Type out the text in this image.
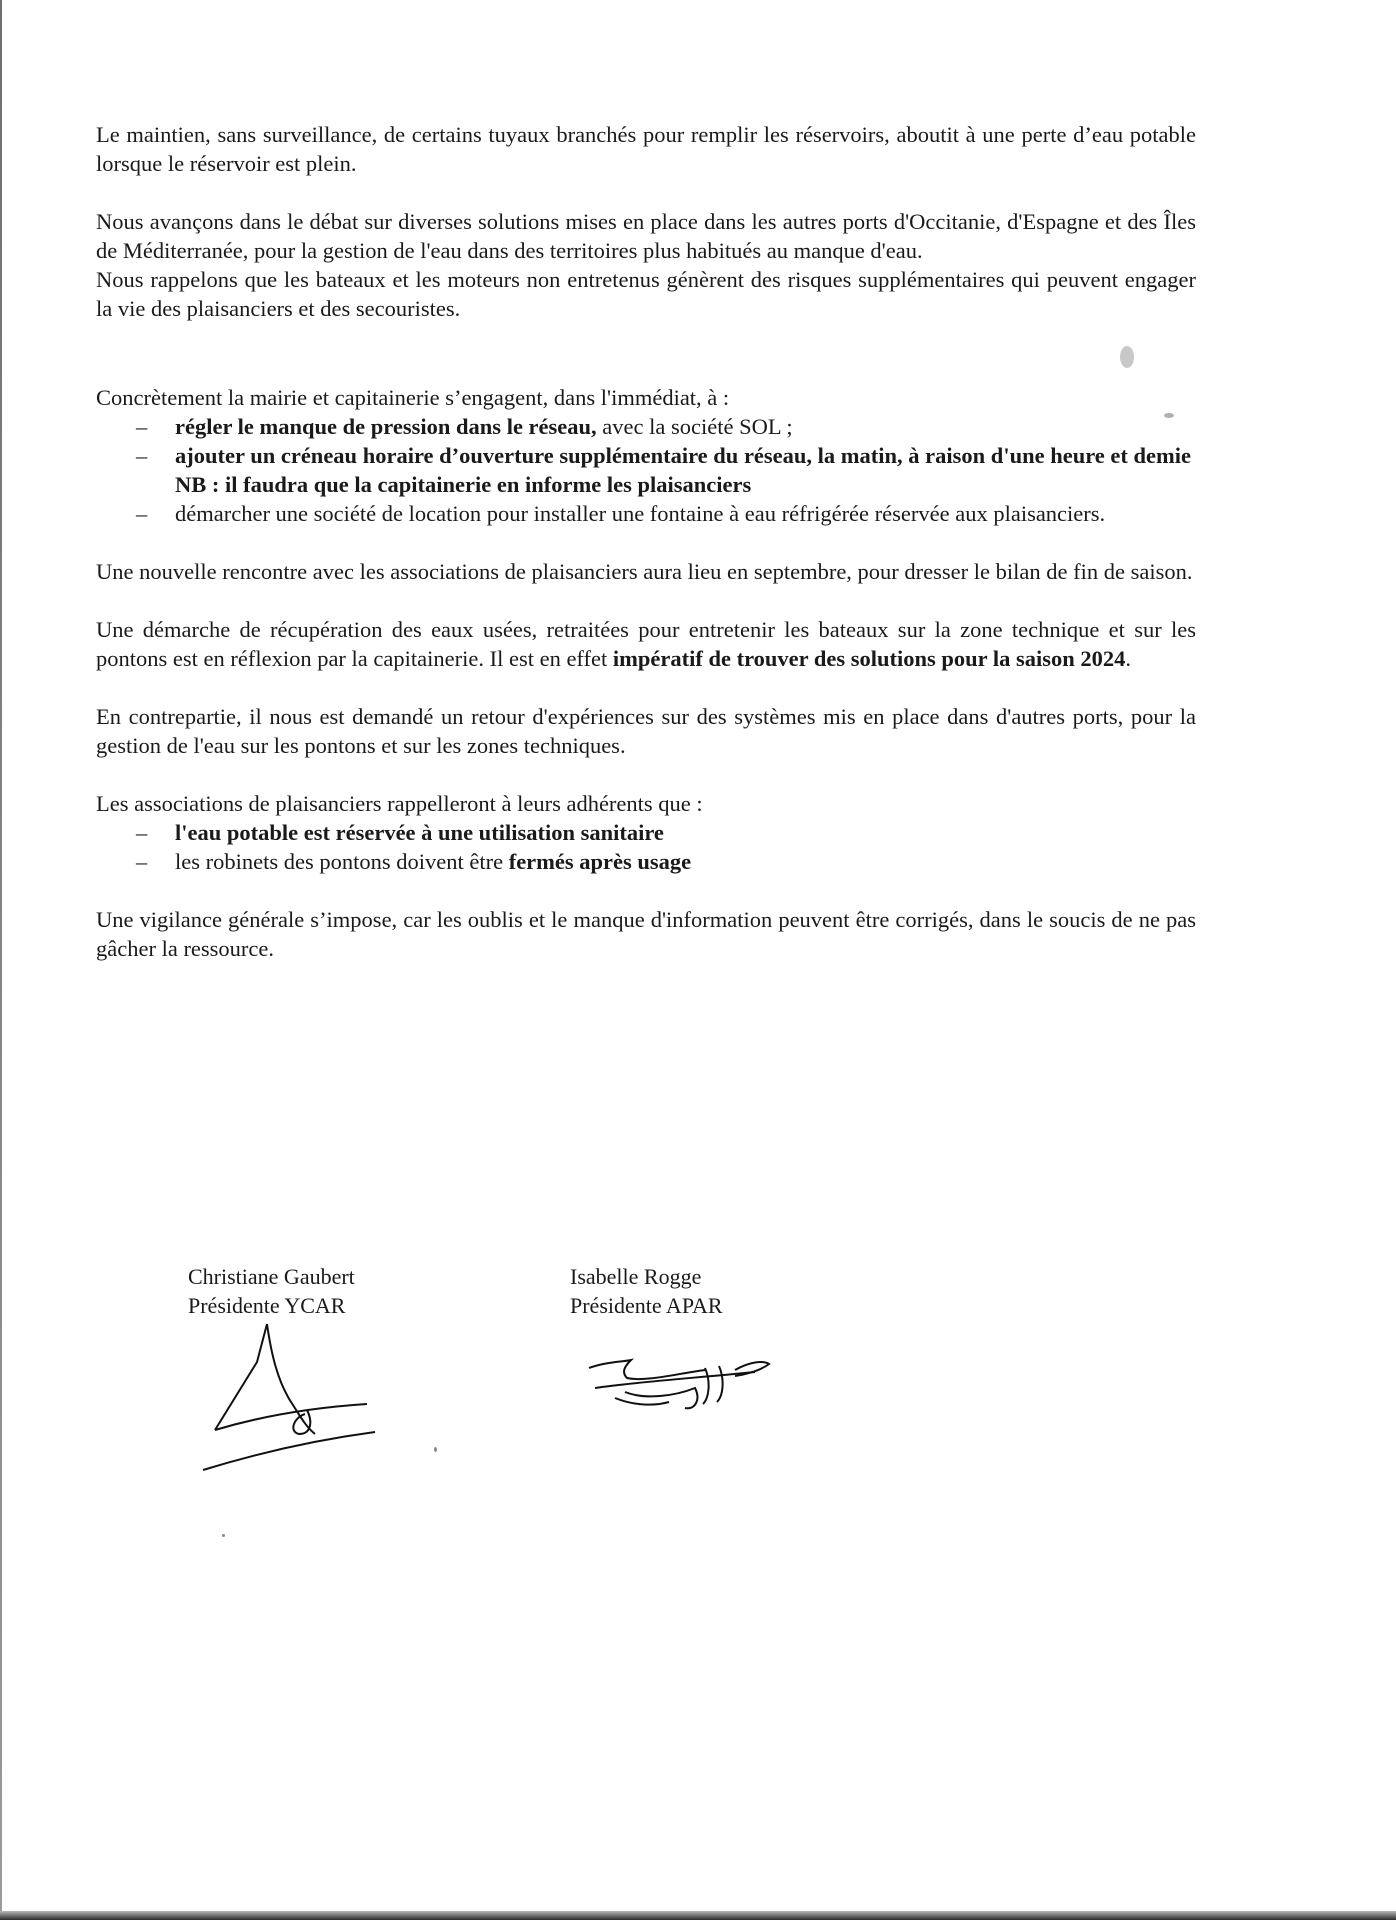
Le maintien, sans surveillance, de certains tuyaux branchés pour remplir les réservoirs, aboutit à une perte d’eau potable lorsque le réservoir est plein.

Nous avançons dans le débat sur diverses solutions mises en place dans les autres ports d'Occitanie, d'Espagne et des Îles de Méditerranée, pour la gestion de l'eau dans des territoires plus habitués au manque d'eau.

Nous rappelons que les bateaux et les moteurs non entretenus génèrent des risques supplémentaires qui peuvent engager la vie des plaisanciers et des secouristes.

Concrètement la mairie et capitainerie s’engagent, dans l'immédiat, à :

– régler le manque de pression dans le réseau, avec la société SOL ;
– ajouter un créneau horaire d’ouverture supplémentaire du réseau, la matin, à raison d'une heure et demie
NB : il faudra que la capitainerie en informe les plaisanciers
– démarcher une société de location pour installer une fontaine à eau réfrigérée réservée aux plaisanciers.

Une nouvelle rencontre avec les associations de plaisanciers aura lieu en septembre, pour dresser le bilan de fin de saison.

Une démarche de récupération des eaux usées, retraitées pour entretenir les bateaux sur la zone technique et sur les pontons est en réflexion par la capitainerie. Il est en effet impératif de trouver des solutions pour la saison 2024.

En contrepartie, il nous est demandé un retour d'expériences sur des systèmes mis en place dans d'autres ports, pour la gestion de l'eau sur les pontons et sur les zones techniques.

Les associations de plaisanciers rappelleront à leurs adhérents que :

– l'eau potable est réservée à une utilisation sanitaire
– les robinets des pontons doivent être fermés après usage

Une vigilance générale s’impose, car les oublis et le manque d'information peuvent être corrigés, dans le soucis de ne pas gâcher la ressource.

Christiane Gaubert
Présidente YCAR
Isabelle Rogge
Présidente APAR
